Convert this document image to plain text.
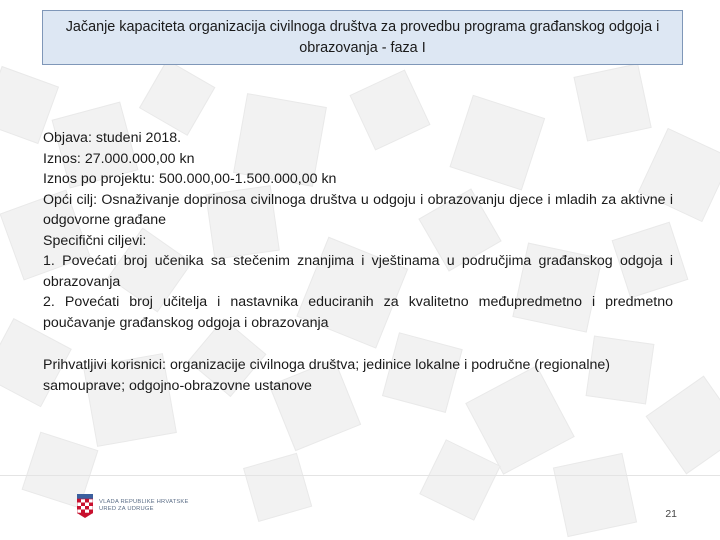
Jačanje kapaciteta organizacija civilnoga društva za provedbu programa građanskog odgoja i obrazovanja - faza I

Objava: studeni 2018.

Iznos: 27.000.000,00 kn

Iznos po projektu: 500.000,00-1.500.000,00 kn

Opći cilj: Osnaživanje doprinosa civilnoga društva u odgoju i obrazovanju djece i mladih za aktivne i odgovorne građane

Specifični ciljevi:

1. Povećati broj učenika sa stečenim znanjima i vještinama u područjima građanskog odgoja i obrazovanja

2. Povećati broj učitelja i nastavnika educiranih za kvalitetno međupredmetno i predmetno poučavanje građanskog odgoja i obrazovanja

Prihvatljivi korisnici: organizacije civilnoga društva; jedinice lokalne i područne (regionalne) samouprave; odgojno-obrazovne ustanove

VLADA REPUBLIKE HRVATSKE
URED ZA UDRUGE	21
